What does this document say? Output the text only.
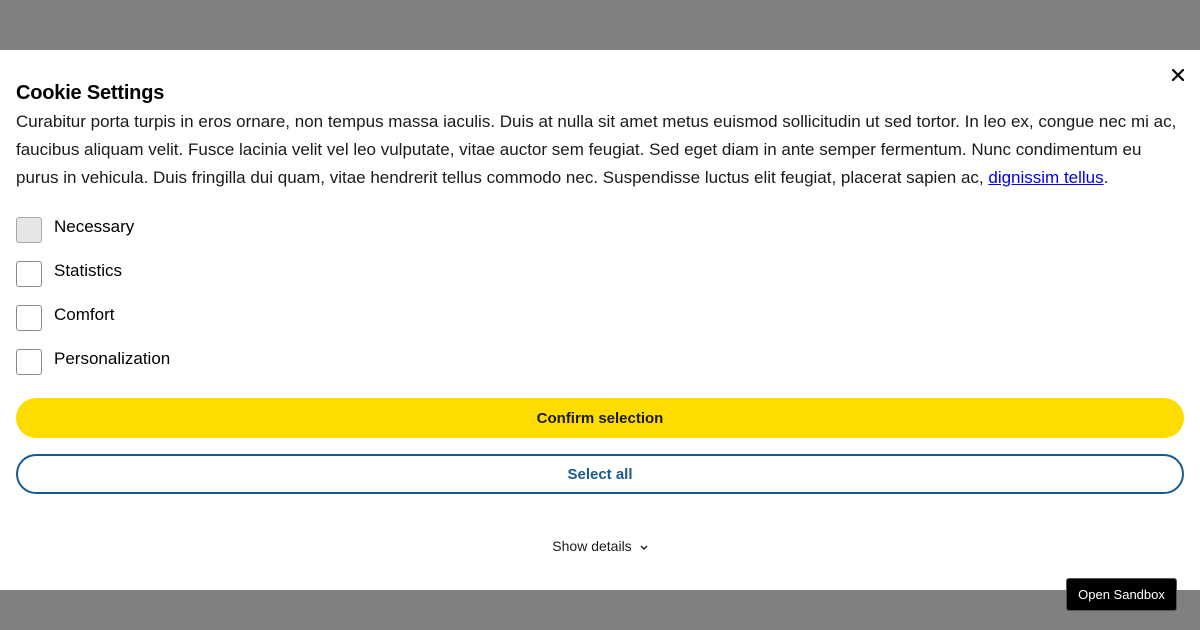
Cookie Settings

Curabitur porta turpis in eros ornare, non tempus massa iaculis. Duis at nulla sit amet metus euismod sollicitudin ut sed tortor. In leo ex, congue nec mi ac, faucibus aliquam velit. Fusce lacinia velit vel leo vulputate, vitae auctor sem feugiat. Sed eget diam in ante semper fermentum. Nunc condimentum eu purus in vehicula. Duis fringilla dui quam, vitae hendrerit tellus commodo nec. Suspendisse luctus elit feugiat, placerat sapien ac, dignissim tellus.

Necessary
Statistics
Comfort
Personalization
Confirm selection
Select all
Show details
Open Sandbox
